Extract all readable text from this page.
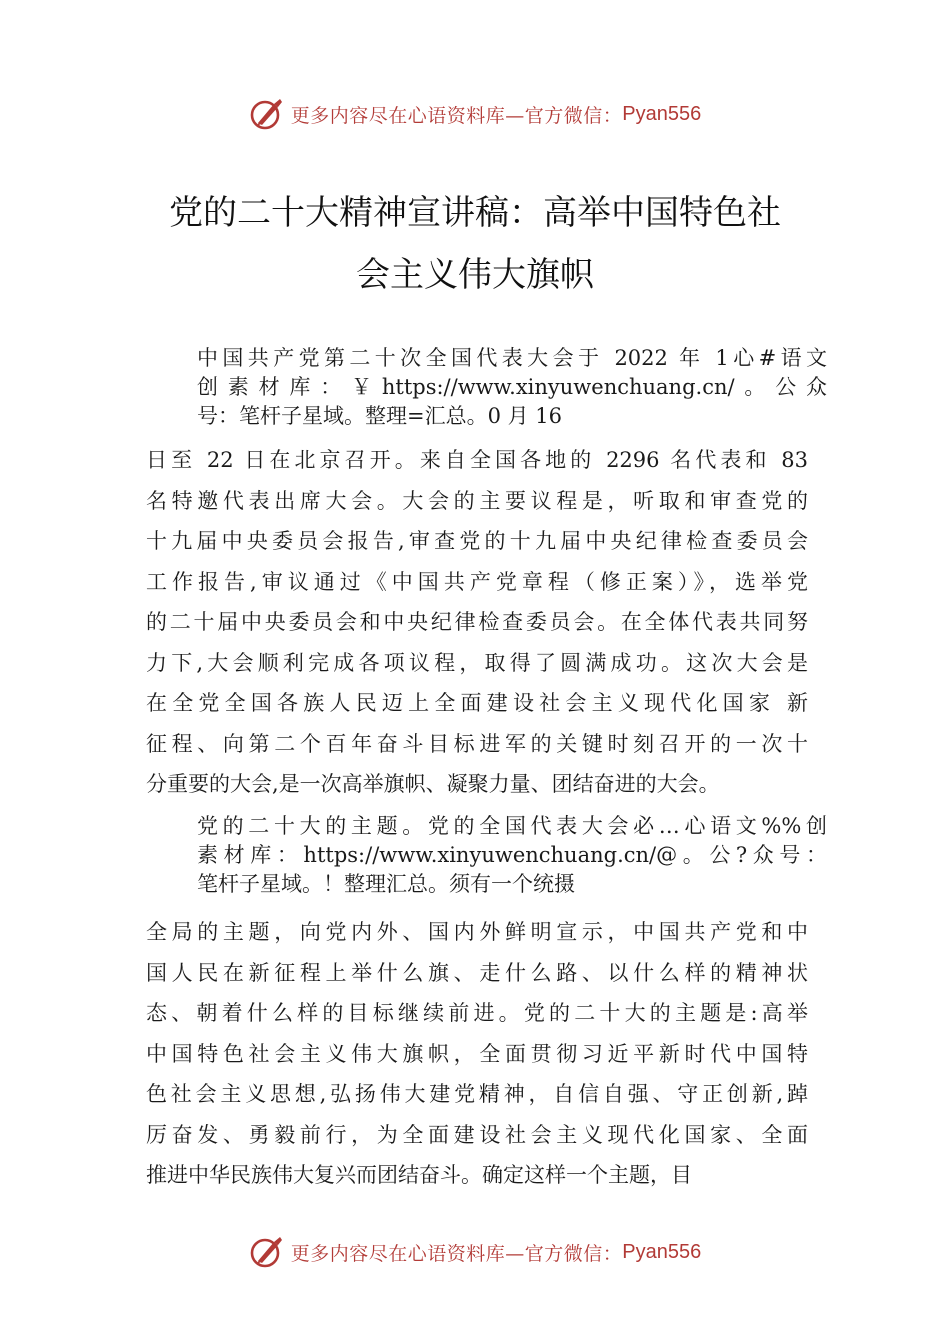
更多内容尽在心语资料库—官方微信： Pyan556
党的二十大精神宣讲稿：高举中国特色社
会主义伟大旗帜
中国共产党第二十次全国代表大会于 2022 年 1心#语文
创素材库：￥https://www.xinyuwenchuang.cn/。公众
号：笔杆子星域。整理=汇总。0 月 16
日至 22 日在北京召开。来自全国各地的 2296 名代表和 83
名特邀代表出席大会。大会的主要议程是，听取和审查党的
十九届中央委员会报告,审查党的十九届中央纪律检查委员会
工作报告,审议通过《中国共产党章程（修正案）》，选举党
的二十届中央委员会和中央纪律检查委员会。在全体代表共同努
力下,大会顺利完成各项议程，取得了圆满成功。这次大会是
在全党全国各族人民迈上全面建设社会主义现代化国家 新
征程、向第二个百年奋斗目标进军的关键时刻召开的一次十
分重要的大会,是一次高举旗帜、凝聚力量、团结奋进的大会。
党的二十大的主题。党的全国代表大会必…心语文%%创
素材库：https://www.xinyuwenchuang.cn/@。公?众号：
笔杆子星域。！整理汇总。须有一个统摄
全局的主题，向党内外、国内外鲜明宣示，中国共产党和中
国人民在新征程上举什么旗、走什么路、以什么样的精神状
态、朝着什么样的目标继续前进。党的二十大的主题是:高举
中国特色社会主义伟大旗帜，全面贯彻习近平新时代中国特
色社会主义思想,弘扬伟大建党精神，自信自强、守正创新,踔
厉奋发、勇毅前行，为全面建设社会主义现代化国家、全面
推进中华民族伟大复兴而团结奋斗。确定这样一个主题，目
更多内容尽在心语资料库—官方微信： Pyan556
